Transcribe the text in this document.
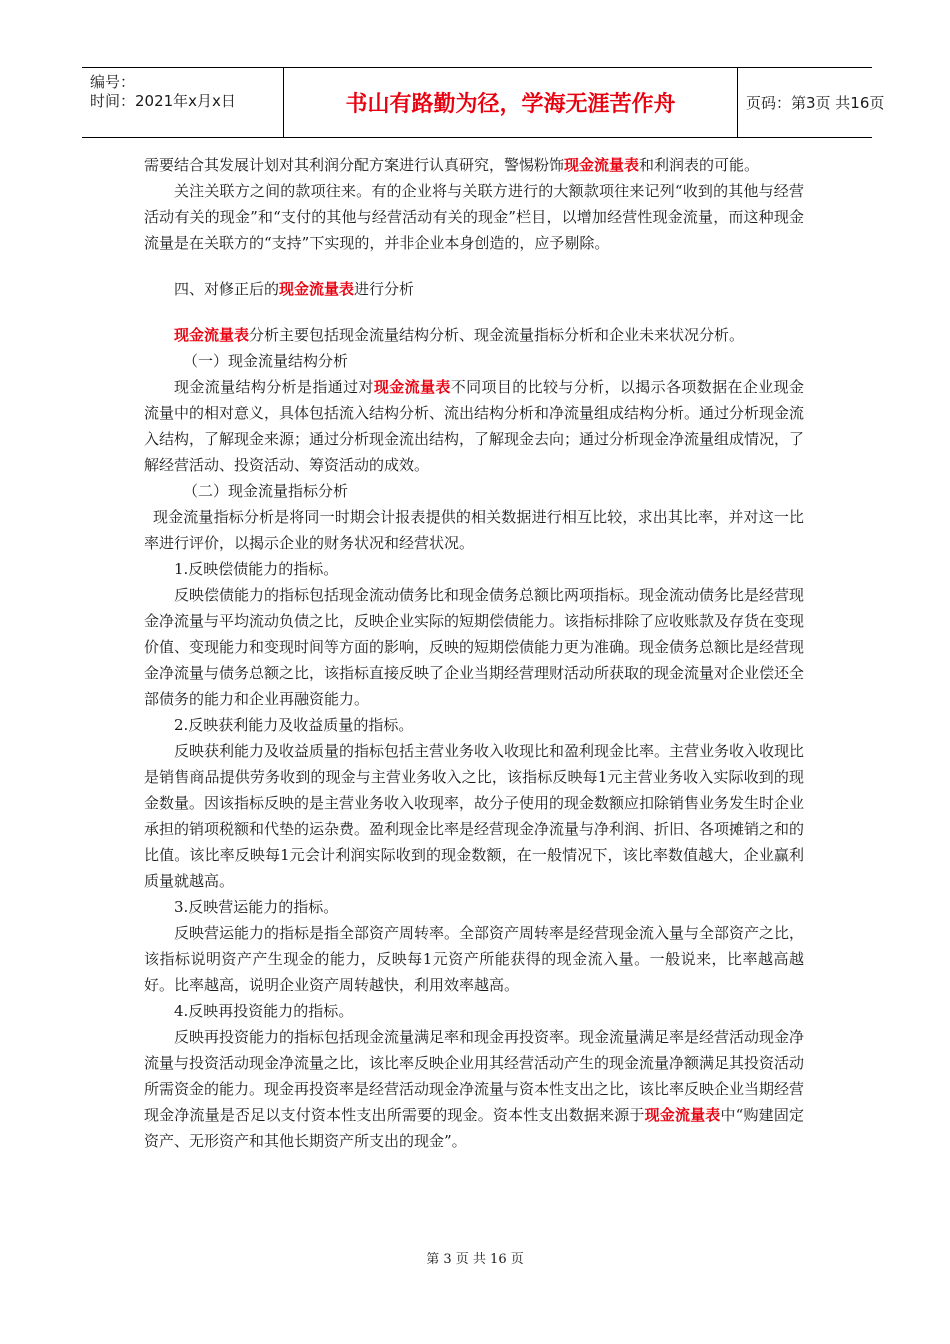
编号：
时间：2021年x月x日	书山有路勤为径，学海无涯苦作舟	页码：第3页 共16页

需要结合其发展计划对其利润分配方案进行认真研究，警惕粉饰现金流量表和利润表的可能。

关注关联方之间的款项往来。有的企业将与关联方进行的大额款项往来记列“收到的其他与经营活动有关的现金”和“支付的其他与经营活动有关的现金”栏目，以增加经营性现金流量，而这种现金流量是在关联方的“支持”下实现的，并非企业本身创造的，应予剔除。

四、对修正后的现金流量表进行分析

现金流量表分析主要包括现金流量结构分析、现金流量指标分析和企业未来状况分析。

（一）现金流量结构分析

现金流量结构分析是指通过对现金流量表不同项目的比较与分析，以揭示各项数据在企业现金流量中的相对意义，具体包括流入结构分析、流出结构分析和净流量组成结构分析。通过分析现金流入结构，了解现金来源；通过分析现金流出结构，了解现金去向；通过分析现金净流量组成情况，了解经营活动、投资活动、筹资活动的成效。

（二）现金流量指标分析

现金流量指标分析是将同一时期会计报表提供的相关数据进行相互比较，求出其比率，并对这一比率进行评价，以揭示企业的财务状况和经营状况。

1.反映偿债能力的指标。

反映偿债能力的指标包括现金流动债务比和现金债务总额比两项指标。现金流动债务比是经营现金净流量与平均流动负债之比，反映企业实际的短期偿债能力。该指标排除了应收账款及存货在变现价值、变现能力和变现时间等方面的影响，反映的短期偿债能力更为准确。现金债务总额比是经营现金净流量与债务总额之比，该指标直接反映了企业当期经营理财活动所获取的现金流量对企业偿还全部债务的能力和企业再融资能力。

2.反映获利能力及收益质量的指标。

反映获利能力及收益质量的指标包括主营业务收入收现比和盈利现金比率。主营业务收入收现比是销售商品提供劳务收到的现金与主营业务收入之比，该指标反映每1元主营业务收入实际收到的现金数量。因该指标反映的是主营业务收入收现率，故分子使用的现金数额应扣除销售业务发生时企业承担的销项税额和代垫的运杂费。盈利现金比率是经营现金净流量与净利润、折旧、各项摊销之和的比值。该比率反映每1元会计利润实际收到的现金数额，在一般情况下，该比率数值越大，企业赢利质量就越高。

3.反映营运能力的指标。

反映营运能力的指标是指全部资产周转率。全部资产周转率是经营现金流入量与全部资产之比，该指标说明资产产生现金的能力，反映每1元资产所能获得的现金流入量。一般说来，比率越高越好。比率越高，说明企业资产周转越快，利用效率越高。

4.反映再投资能力的指标。

反映再投资能力的指标包括现金流量满足率和现金再投资率。现金流量满足率是经营活动现金净流量与投资活动现金净流量之比，该比率反映企业用其经营活动产生的现金流量净额满足其投资活动所需资金的能力。现金再投资率是经营活动现金净流量与资本性支出之比，该比率反映企业当期经营现金净流量是否足以支付资本性支出所需要的现金。资本性支出数据来源于现金流量表中“购建固定资产、无形资产和其他长期资产所支出的现金”。

第 3 页 共 16 页
